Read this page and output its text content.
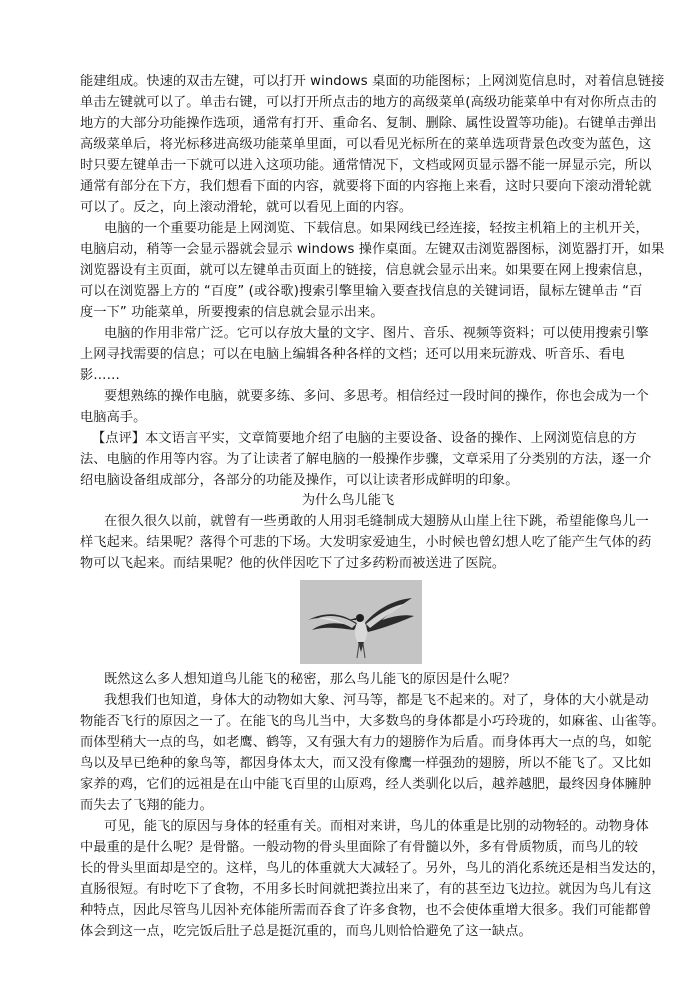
能建组成。快速的双击左键，可以打开 windows 桌面的功能图标；上网浏览信息时，对着信息链接
单击左键就可以了。单击右键，可以打开所点击的地方的高级菜单(高级功能菜单中有对你所点击的
地方的大部分功能操作选项，通常有打开、重命名、复制、删除、属性设置等功能)。右键单击弹出
高级菜单后，将光标移进高级功能菜单里面，可以看见光标所在的菜单选项背景色改变为蓝色，这
时只要左键单击一下就可以进入这项功能。通常情况下，文档或网页显示器不能一屏显示完，所以
通常有部分在下方，我们想看下面的内容，就要将下面的内容拖上来看，这时只要向下滚动滑轮就
可以了。反之，向上滚动滑轮，就可以看见上面的内容。
电脑的一个重要功能是上网浏览、下载信息。如果网线已经连接，轻按主机箱上的主机开关，
电脑启动，稍等一会显示器就会显示 windows 操作桌面。左键双击浏览器图标，浏览器打开，如果
浏览器设有主页面，就可以左键单击页面上的链接，信息就会显示出来。如果要在网上搜索信息，
可以在浏览器上方的 “百度” (或谷歌)搜索引擎里输入要查找信息的关键词语，鼠标左键单击 “百
度一下” 功能菜单，所要搜索的信息就会显示出来。
电脑的作用非常广泛。它可以存放大量的文字、图片、音乐、视频等资料；可以使用搜索引擎
上网寻找需要的信息；可以在电脑上编辑各种各样的文档；还可以用来玩游戏、听音乐、看电
影……
要想熟练的操作电脑，就要多练、多问、多思考。相信经过一段时间的操作，你也会成为一个
电脑高手。
【点评】本文语言平实，文章简要地介绍了电脑的主要设备、设备的操作、上网浏览信息的方
法、电脑的作用等内容。为了让读者了解电脑的一般操作步骤，文章采用了分类别的方法，逐一介
绍电脑设备组成部分，各部分的功能及操作，可以让读者形成鲜明的印象。
为什么鸟儿能飞
在很久很久以前，就曾有一些勇敢的人用羽毛缝制成大翅膀从山崖上往下跳，希望能像鸟儿一
样飞起来。结果呢？落得个可悲的下场。大发明家爱迪生，小时候也曾幻想人吃了能产生气体的药
物可以飞起来。而结果呢？他的伙伴因吃下了过多药粉而被送进了医院。
既然这么多人想知道鸟儿能飞的秘密，那么鸟儿能飞的原因是什么呢？
我想我们也知道，身体大的动物如大象、河马等，都是飞不起来的。对了，身体的大小就是动
物能否飞行的原因之一了。在能飞的鸟儿当中，大多数鸟的身体都是小巧玲珑的，如麻雀、山雀等。
而体型稍大一点的鸟，如老鹰、鹤等，又有强大有力的翅膀作为后盾。而身体再大一点的鸟，如鸵
鸟以及早已绝种的象鸟等，都因身体太大，而又没有像鹰一样强劲的翅膀，所以不能飞了。又比如
家养的鸡，它们的远祖是在山中能飞百里的山原鸡，经人类驯化以后，越养越肥，最终因身体臃肿
而失去了飞翔的能力。
可见，能飞的原因与身体的轻重有关。而相对来讲，鸟儿的体重是比别的动物轻的。动物身体
中最重的是什么呢？是骨骼。一般动物的骨头里面除了有骨髓以外，多有骨质物质，而鸟儿的较
长的骨头里面却是空的。这样，鸟儿的体重就大大减轻了。另外，鸟儿的消化系统还是相当发达的，
直肠很短。有时吃下了食物，不用多长时间就把粪拉出来了，有的甚至边飞边拉。就因为鸟儿有这
种特点，因此尽管鸟儿因补充体能所需而吞食了许多食物，也不会使体重增大很多。我们可能都曾
体会到这一点，吃完饭后肚子总是挺沉重的，而鸟儿则恰恰避免了这一缺点。
